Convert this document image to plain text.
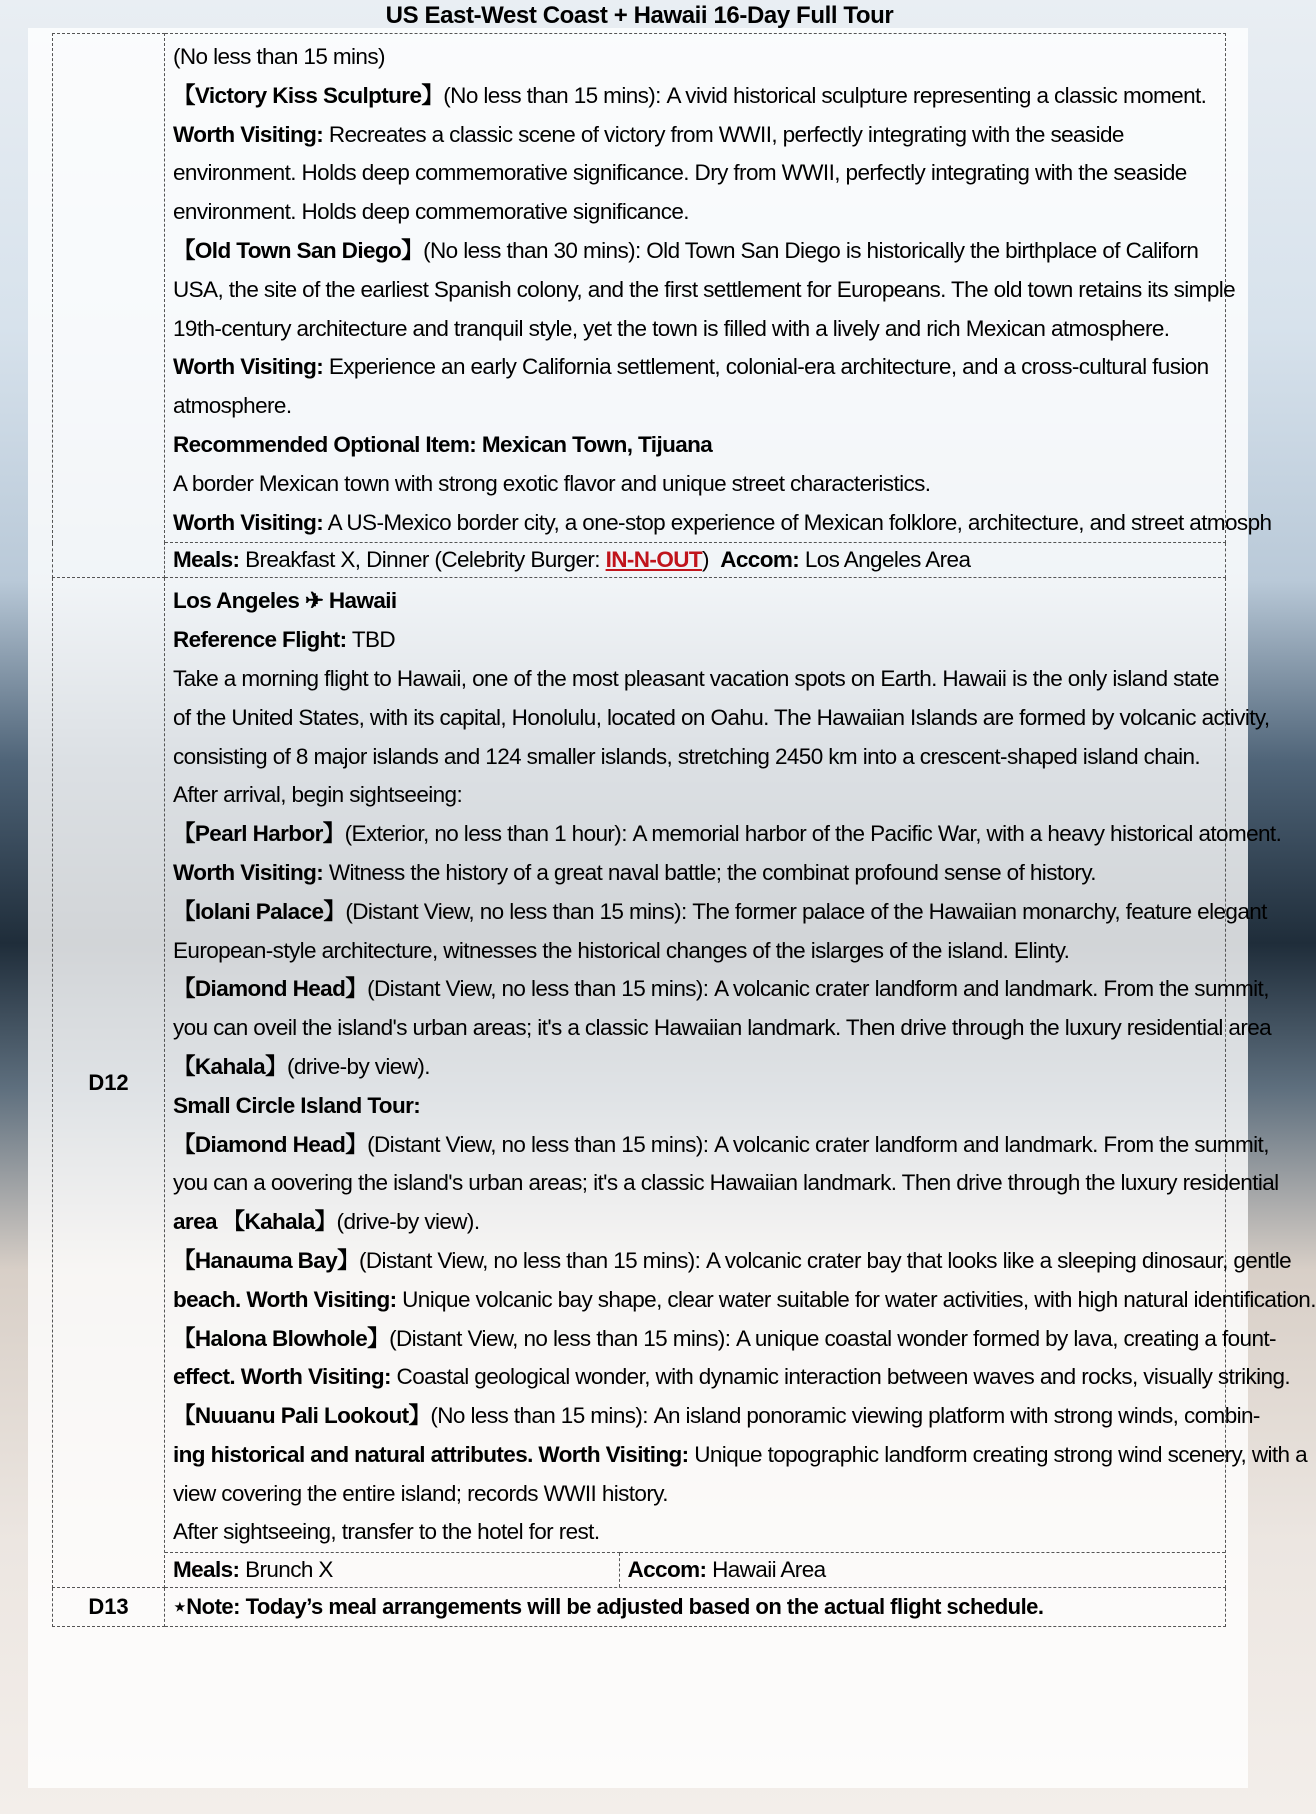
US East-West Coast + Hawaii 16-Day Full Tour

(No less than 15 mins)

【Victory Kiss Sculpture】(No less than 15 mins): A vivid historical sculpture representing a classic moment.

Worth Visiting: Recreates a classic scene of victory from WWII, perfectly integrating with the seaside

environment. Holds deep commemorative significance. Dry from WWII, perfectly integrating with the seaside

environment. Holds deep commemorative significance.

【Old Town San Diego】(No less than 30 mins): Old Town San Diego is historically the birthplace of Californ

USA, the site of the earliest Spanish colony, and the first settlement for Europeans. The old town retains its simple

19th-century architecture and tranquil style, yet the town is filled with a lively and rich Mexican atmosphere.

Worth Visiting: Experience an early California settlement, colonial-era architecture, and a cross-cultural fusion

atmosphere.

Recommended Optional Item: Mexican Town, Tijuana

A border Mexican town with strong exotic flavor and unique street characteristics.

Worth Visiting: A US-Mexico border city, a one-stop experience of Mexican folklore, architecture, and street atmosph

Meals: Breakfast X, Dinner (Celebrity Burger: IN-N-OUT) Accom: Los Angeles Area
D12	

Los Angeles ✈ Hawaii

Reference Flight: TBD

Take a morning flight to Hawaii, one of the most pleasant vacation spots on Earth. Hawaii is the only island state

of the United States, with its capital, Honolulu, located on Oahu. The Hawaiian Islands are formed by volcanic activity,

consisting of 8 major islands and 124 smaller islands, stretching 2450 km into a crescent-shaped island chain.

After arrival, begin sightseeing:

【Pearl Harbor】(Exterior, no less than 1 hour): A memorial harbor of the Pacific War, with a heavy historical atoment.

Worth Visiting: Witness the history of a great naval battle; the combinat profound sense of history.

【Iolani Palace】(Distant View, no less than 15 mins): The former palace of the Hawaiian monarchy, feature elegant

European-style architecture, witnesses the historical changes of the islarges of the island. Elinty.

【Diamond Head】(Distant View, no less than 15 mins): A volcanic crater landform and landmark. From the summit,

you can oveil the island's urban areas; it's a classic Hawaiian landmark. Then drive through the luxury residential area

【Kahala】(drive-by view).

Small Circle Island Tour:

【Diamond Head】(Distant View, no less than 15 mins): A volcanic crater landform and landmark. From the summit,

you can a oovering the island's urban areas; it's a classic Hawaiian landmark. Then drive through the luxury residential

area 【Kahala】(drive-by view).

【Hanauma Bay】(Distant View, no less than 15 mins): A volcanic crater bay that looks like a sleeping dinosaur, gentle

beach. Worth Visiting: Unique volcanic bay shape, clear water suitable for water activities, with high natural identification.

【Halona Blowhole】(Distant View, no less than 15 mins): A unique coastal wonder formed by lava, creating a fount-

effect. Worth Visiting: Coastal geological wonder, with dynamic interaction between waves and rocks, visually striking.

【Nuuanu Pali Lookout】(No less than 15 mins): An island ponoramic viewing platform with strong winds, combin-

ing historical and natural attributes. Worth Visiting: Unique topographic landform creating strong wind scenery, with a

view covering the entire island; records WWII history.

After sightseeing, transfer to the hotel for rest.

Meals: Brunch X	Accom: Hawaii Area

D13	⋆Note: Today’s meal arrangements will be adjusted based on the actual flight schedule.
